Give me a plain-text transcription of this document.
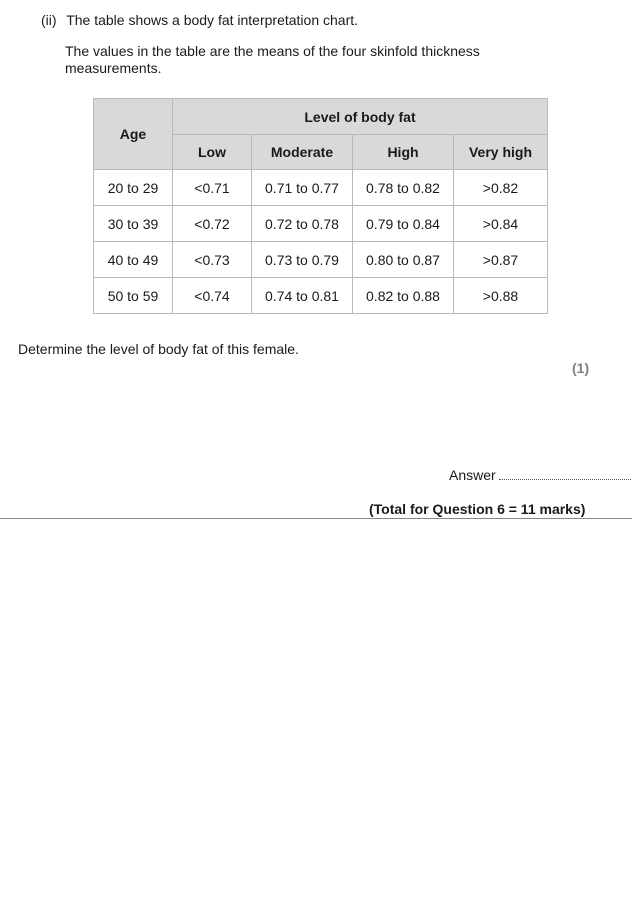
(ii) The table shows a body fat interpretation chart.
The values in the table are the means of the four skinfold thickness measurements.
Age	Level of body fat			
	Low	Moderate	High	Very high
20 to 29	<0.71	0.71 to 0.77	0.78 to 0.82	>0.82
30 to 39	<0.72	0.72 to 0.78	0.79 to 0.84	>0.84
40 to 49	<0.73	0.73 to 0.79	0.80 to 0.87	>0.87
50 to 59	<0.74	0.74 to 0.81	0.82 to 0.88	>0.88
Determine the level of body fat of this female.
(1)
Answer
(Total for Question 6 = 11 marks)
